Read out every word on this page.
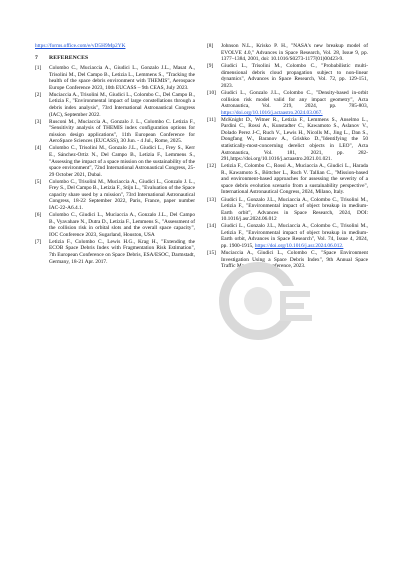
https://forms.office.com/e/vD5H9Mp2YK
7 REFERENCES
[1]	Colombo C., Muciaccia A., Giudici L., Gonzalo J.L., Masat A., Trisolini M., Del Campo B., Letizia L., Lemmens S., "Tracking the health of the space debris environment with THEMIS", Aerospace Europe Conference 2023, 10th EUCASS – 9th CEAS, July 2023.
[2]	Muciaccia A., Trisolini M., Giudici L., Colombo C., Del Campo B., Letizia F., "Environmental impact of large constellations through a debris index analysis", 73rd International Astronautical Congress (IAC), September 2022.
[3]	Rusconi M., Muciaccia A., Gonzalo J. L., Colombo C. Letizia F., "Sensitivity analysis of THEMIS index configuration options for mission design applications", 11th European Conference for AeroSpace Sciences (EUCASS), 30 Jun. - 4 Jul., Rome, 2025.
[4]	Colombo C., Trisolini M., Gonzalo J.L., Giudici L., Frey S., Kerr E., Sánchez-Ortiz N., Del Campo B., Letizia F., Lemmens S., "Assessing the impact of a space mission on the sustainability of the space environment", 72nd International Astronautical Congress, 25-29 October 2021, Dubai.
[5]	Colombo C., Trisolini M., Muciaccia A., Giudici L., Gonzalo J. L., Frey S., Del Campo B., Letizia F., Stijn L., "Evaluation of the Space capacity share used by a mission", 73rd International Astronautical Congress, 18-22 September 2022, Paris, France, paper number IAC-22-A6.4.1.
[6]	Colombo C., Giudici L., Muciaccia A., Gonzalo J.L., Del Campo B., Vyavahare N., Dutra D., Letizia F., Lemmens S., "Assessment of the collision risk in orbital slots and the overall space capacity", IOC Conference 2023, Sugarland, Houston, USA
[7]	Letizia F., Colombo C., Lewis H.G., Krag H., "Extending the ECOB Space Debris Index with Fragmentation Risk Estimation", 7th European Conference on Space Debris, ESA/ESOC, Darmstadt, Germany, 18-21 Apr. 2017.
[8]	Johnson N.L., Krisko P. H., "NASA's new breakup model of EVOLVE 4.0," Advances in Space Research, Vol. 28, Issue 9, pp. 1377–1384, 2001, doi: 10.1016/S0273-1177(01)00423-9.
[9]	Giudici L., Trisolini M., Colombo C., "Probabilistic multi-dimensional debris cloud propagation subject to non-linear dynamics", Advances in Space Research, Vol. 72, pp. 129-151, 2023.
[10] Giudici L., Gonzalo J.L., Colombo C., "Density-based in-orbit collision risk model valid for any impact geometry", Acta Astronautica, Vol. 219, 2024, pp. 785-803, https://doi.org/10.1016/j.actaastro.2024.03.067.
[11] McKnight D., Witner R., Letizia F., Lemmens S., Anselmo L., Pardini C., Rossi A., Kunstadter C., Kawamoto S., Aslanov V., Dolado Perez J-C, Ruch V., Lewis H., Nicolls M., Jing L., Dan S., Dongfang W., Baranov A., Grishko D.,"Identifying the 50 statistically-most-concerning derelict objects in LEO", Acta Astronautica, Vol. 181, 2021, pp. 282-291,https://doi.org/10.1016/j.actaastro.2021.01.021.
[12] Letizia F., Colombo C., Rossi A., Muciaccia A., Giudici L., Harada R., Kawamoto S., Böttcher L., Ruch V. Tallian C., "Mission-based and environment-based approaches for assessing the severity of a space debris evolution scenario from a sustainability perspective", International Astronautical Congress, 2024, Milano, Italy.
[13] Giudici L., Gonzalo J.L., Muciaccia A., Colombo C., Trisolini M., Letizia F., "Environmental impact of object breakup in medium-Earth orbit", Advances in Space Research, 2024, DOI: 10.1016/j.asr.2024.06.012
[14] Giudici L., Gonzalo J.L., Muciaccia A., Colombo C., Trisolini M., Letizia F., "Environmental impact of object breakup in medium-Earth orbit, Advances in Space Research", Vol. 74, Issue 4, 2024, pp. 1900-1915, https://doi.org/10.1016/j.asr.2024.06.012.
[15] Muciaccia A., Giudici L., Colombo C., "Space Environment Investigation Using a Space Debris Index", 9th Annual Space Traffic Management Conference, 2023.
